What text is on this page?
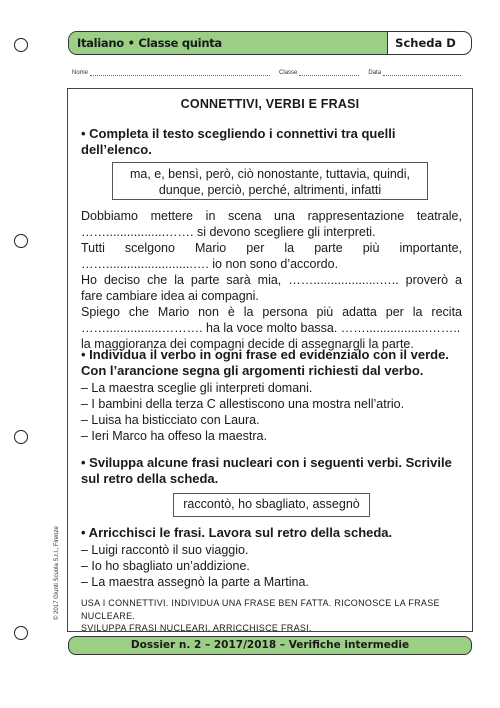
Italiano • Classe quinta	Scheda D
Nome	Classe	Data
CONNETTIVI, VERBI E FRASI
• Completa il testo scegliendo i connettivi tra quelli
dell’elenco.
ma, e, bensì, però, ciò nonostante, tuttavia, quindi,
dunque, perciò, perché, altrimenti, infatti
Dobbiamo mettere in scena una rappresentazione teatrale,
…….................……. si devono scegliere gli interpreti.
Tutti scelgono Mario per la parte più importante,
…….........................…. io non sono d’accordo.
Ho deciso che la parte sarà mia, ……...................….. proverò a
fare cambiare idea ai compagni.
Spiego che Mario non è la persona più adatta per la recita
……................………. ha la voce molto bassa. ……..................……..
la maggioranza dei compagni decide di assegnargli la parte.
• Individua il verbo in ogni frase ed evidenzialo con il verde.
Con l’arancione segna gli argomenti richiesti dal verbo.
– La maestra sceglie gli interpreti domani.
– I bambini della terza C allestiscono una mostra nell’atrio.
– Luisa ha bisticciato con Laura.
– Ieri Marco ha offeso la maestra.
• Sviluppa alcune frasi nucleari con i seguenti verbi. Scrivile
sul retro della scheda.
raccontò, ho sbagliato, assegnò
• Arricchisci le frasi. Lavora sul retro della scheda.
– Luigi raccontò il suo viaggio.
– Io ho sbagliato un’addizione.
– La maestra assegnò la parte a Martina.
USA I CONNETTIVI. INDIVIDUA UNA FRASE BEN FATTA. RICONOSCE LA FRASE NUCLEARE.
SVILUPPA FRASI NUCLEARI. ARRICCHISCE FRASI.
© 2017 Giunti Scuola S.r.l., Firenze
Dossier n. 2 – 2017/2018 – Verifiche intermedie
